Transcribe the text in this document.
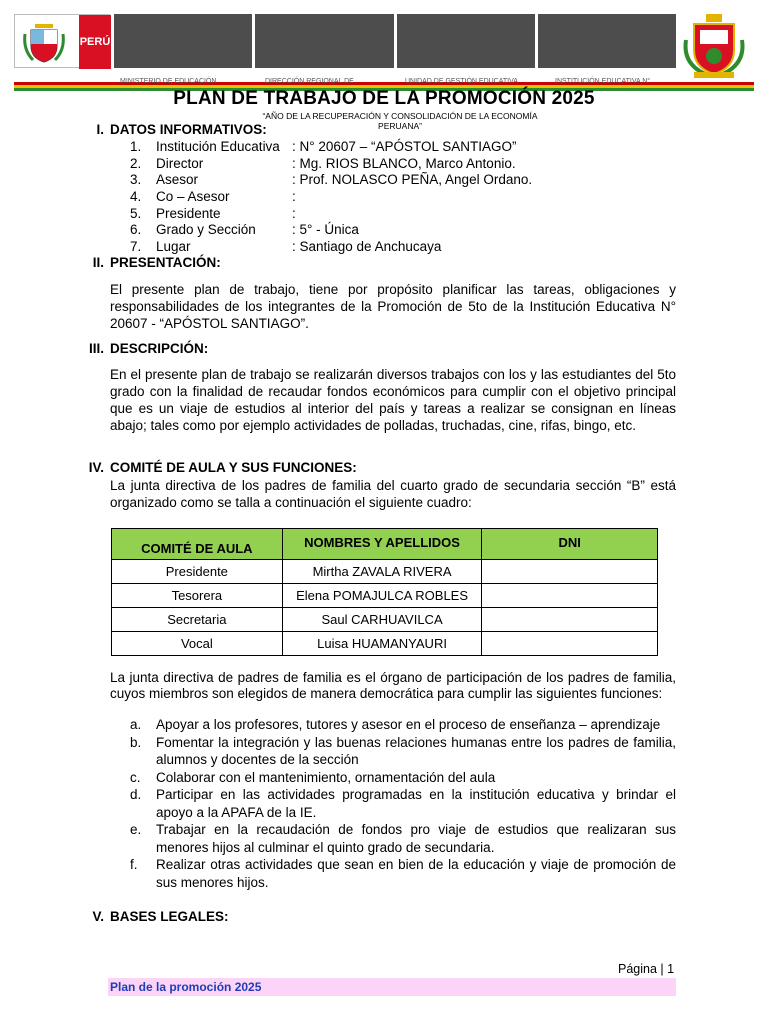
PERÚ
MINISTERIO DE EDUCACIÓN	DIRECCIÓN REGIONAL DE	UNIDAD DE GESTIÓN EDUCATIVA	INSTITUCIÓN EDUCATIVA N°
PLAN DE TRABAJO DE LA PROMOCIÓN 2025
“AÑO DE LA RECUPERACIÓN Y CONSOLIDACIÓN DE LA ECONOMÍA
PERUANA”
I. DATOS INFORMATIVOS:
1.	Institución Educativa : N° 20607 – “APÓSTOL SANTIAGO”
2.	Director	: Mg. RIOS BLANCO, Marco Antonio.
3.	Asesor	: Prof. NOLASCO PEÑA, Angel Ordano.
4.	Co – Asesor	:
5.	Presidente	:
6.	Grado y Sección	: 5° - Única
7.	Lugar	: Santiago de Anchucaya
II. PRESENTACIÓN:
El presente plan de trabajo, tiene por propósito planificar las tareas, obligaciones y responsabilidades de los integrantes de la Promoción de 5to de la Institución Educativa N° 20607 - “APÓSTOL SANTIAGO”.
III. DESCRIPCIÓN:
En el presente plan de trabajo se realizarán diversos trabajos con los y las estudiantes del 5to grado con la finalidad de recaudar fondos económicos para cumplir con el objetivo principal que es un viaje de estudios al interior del país y tareas a realizar se consignan en líneas abajo; tales como por ejemplo actividades de polladas, truchadas, cine, rifas, bingo, etc.
IV. COMITÉ DE AULA Y SUS FUNCIONES:
La junta directiva de los padres de familia del cuarto grado de secundaria sección “B” está organizado como se talla a continuación el siguiente cuadro:
COMITÉ DE AULA	NOMBRES Y APELLIDOS	DNI
Presidente	Mirtha ZAVALA RIVERA	
Tesorera	Elena POMAJULCA ROBLES	
Secretaria	Saul CARHUAVILCA	
Vocal	Luisa HUAMANYAURI	
La junta directiva de padres de familia es el órgano de participación de los padres de familia, cuyos miembros son elegidos de manera democrática para cumplir las siguientes funciones:
a.	Apoyar a los profesores, tutores y asesor en el proceso de enseñanza – aprendizaje
b.	Fomentar la integración y las buenas relaciones humanas entre los padres de familia, alumnos y docentes de la sección
c.	Colaborar con el mantenimiento, ornamentación del aula
d.	Participar en las actividades programadas en la institución educativa y brindar el apoyo a la APAFA de la IE.
e.	Trabajar en la recaudación de fondos pro viaje de estudios que realizaran sus menores hijos al culminar el quinto grado de secundaria.
f.	Realizar otras actividades que sean en bien de la educación y viaje de promoción de sus menores hijos.
V. BASES LEGALES:
Página | 1
Plan de la promoción 2025
